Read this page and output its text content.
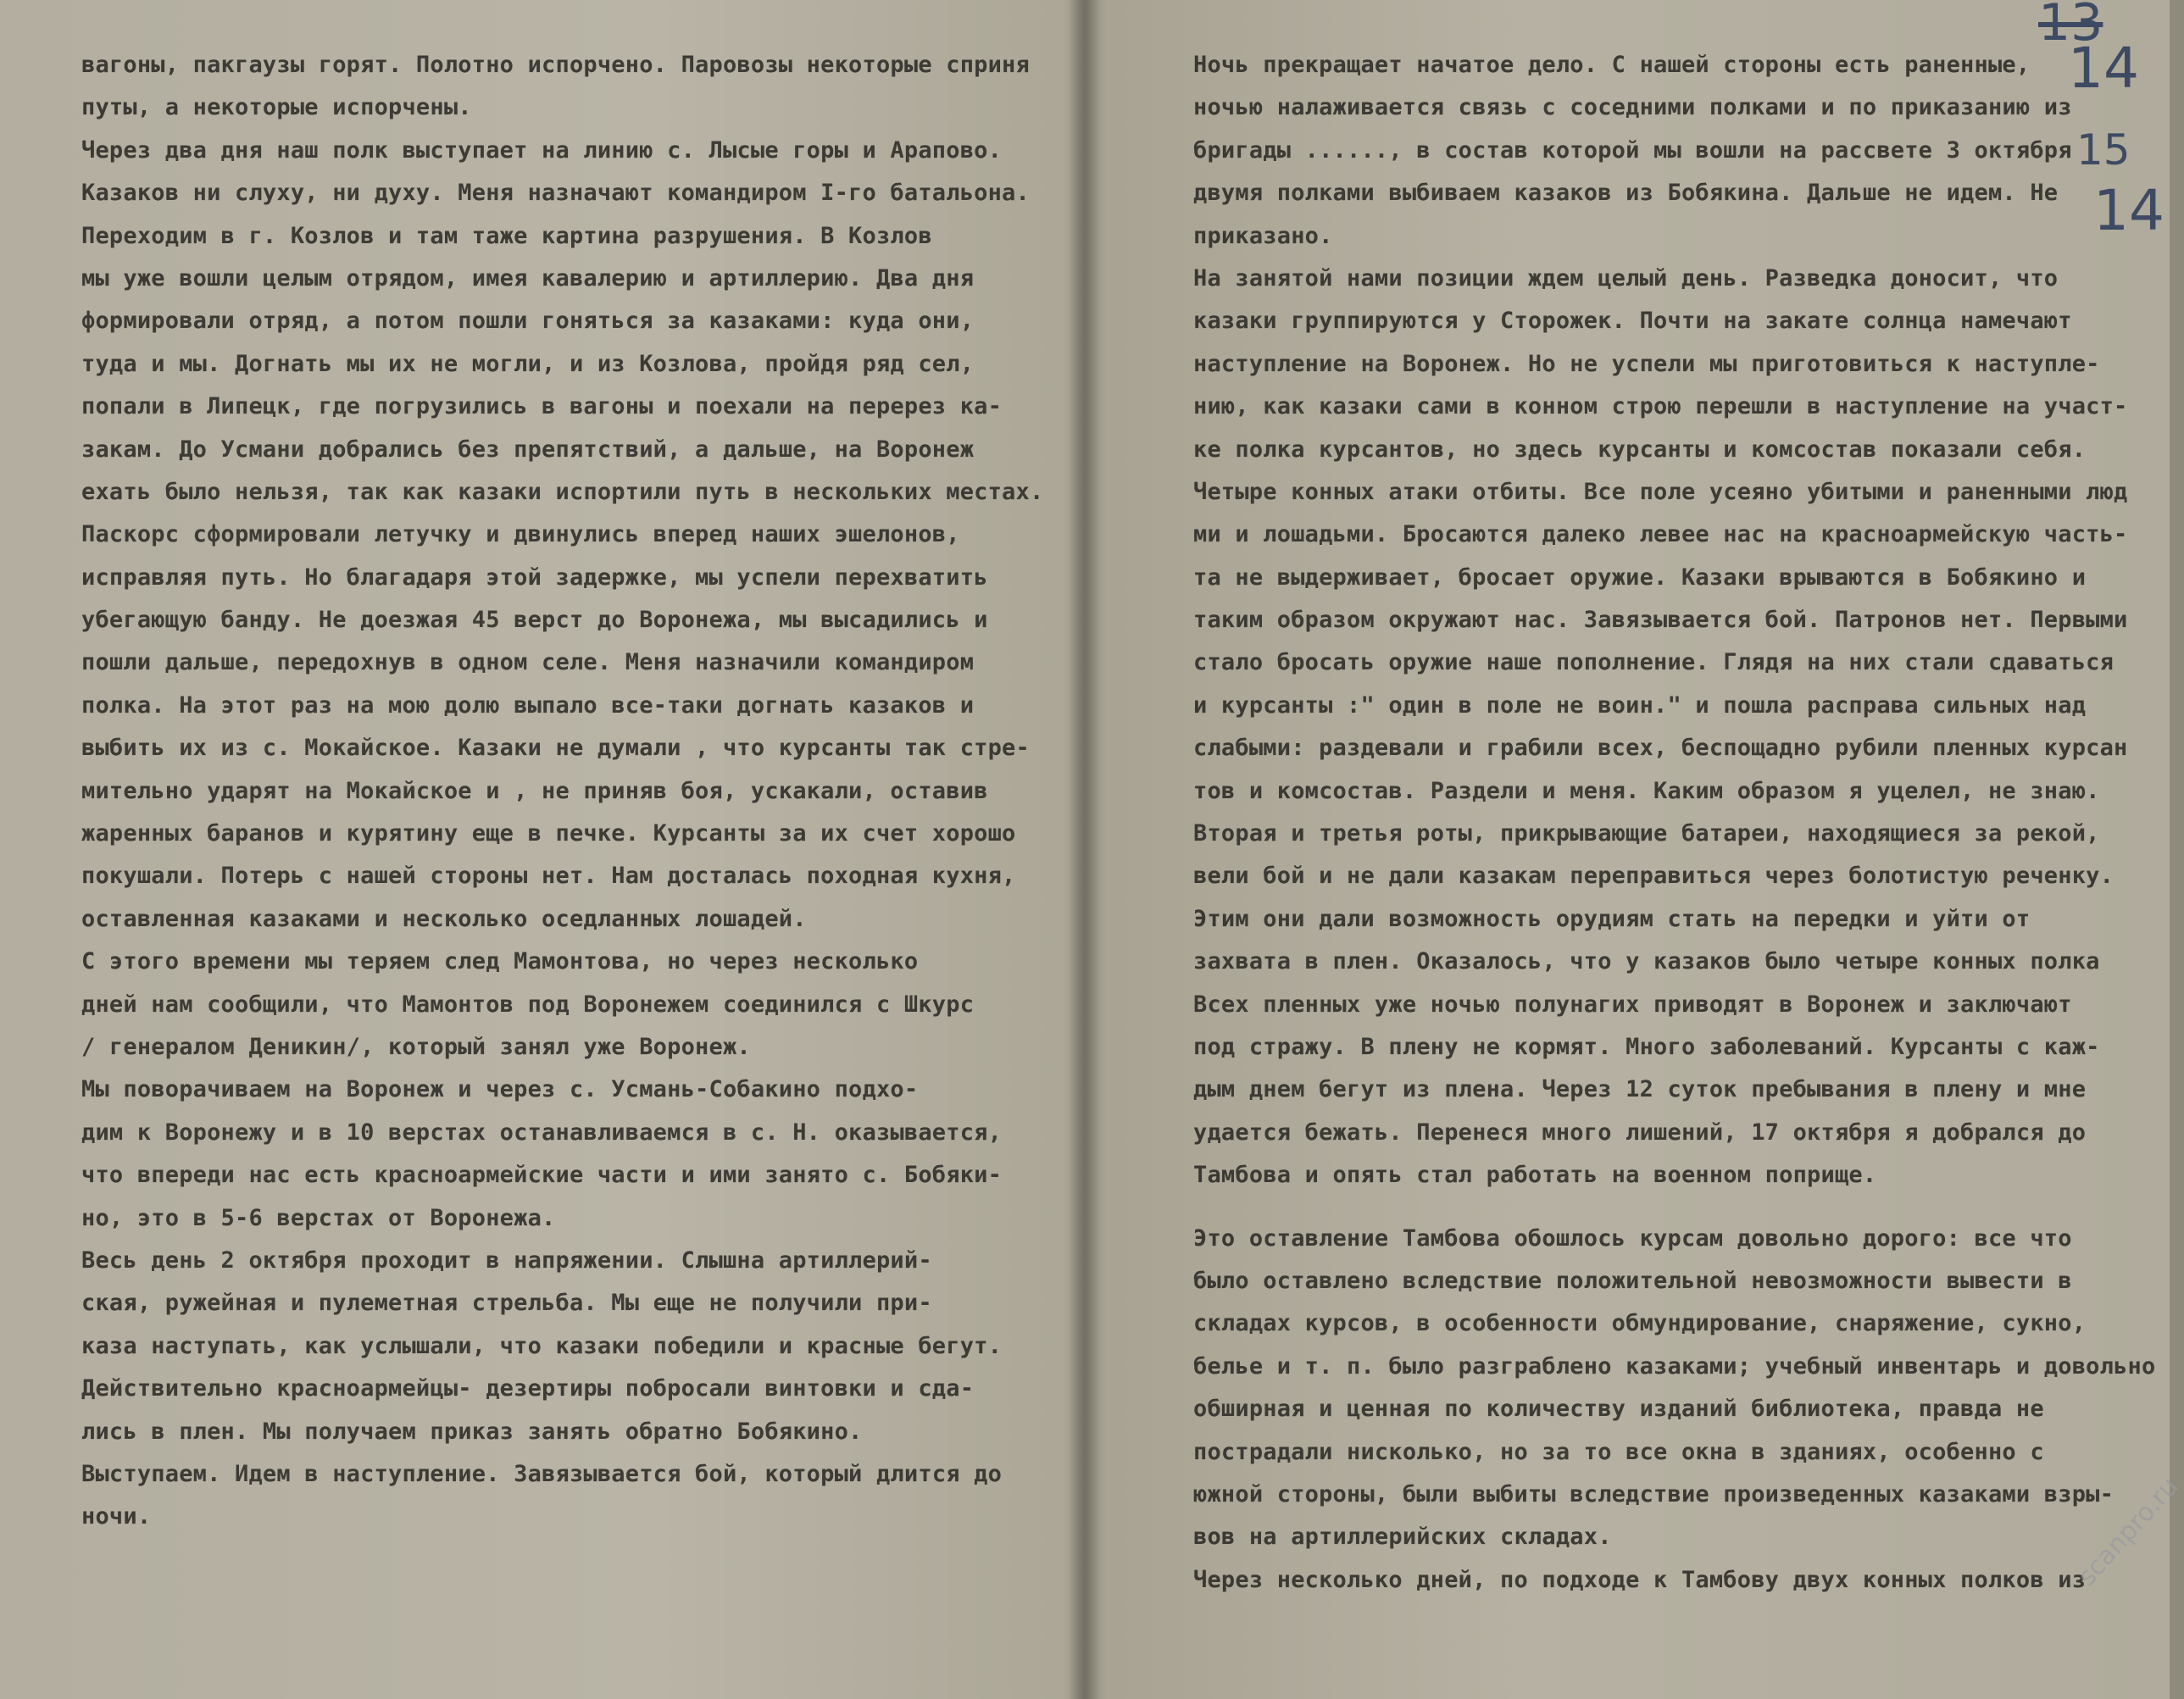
вагоны, пакгаузы горят. Полотно испорчено. Паровозы некоторые сприня
путы, а некоторые испорчены.
Через два дня наш полк выступает на линию с. Лысые горы и Арапово.
Казаков ни слуху, ни духу. Меня назначают командиром I-го батальона.
Переходим в г. Козлов и там таже картина разрушения. В Козлов
мы уже вошли целым отрядом, имея кавалерию и артиллерию. Два дня
формировали отряд, а потом пошли гоняться за казаками: куда они,
туда и мы. Догнать мы их не могли, и из Козлова, пройдя ряд сел,
попали в Липецк, где погрузились в вагоны и поехали на перерез ка-
закам. До Усмани добрались без препятствий, а дальше, на Воронеж
ехать было нельзя, так как казаки испортили путь в нескольких местах.
Паскорс сформировали летучку и двинулись вперед наших эшелонов,
исправляя путь. Но благадаря этой задержке, мы успели перехватить
убегающую банду. Не доезжая 45 верст до Воронежа, мы высадились и
пошли дальше, передохнув в одном селе. Меня назначили командиром
полка. На этот раз на мою долю выпало все-таки догнать казаков и
выбить их из с. Мокайское. Казаки не думали , что курсанты так стре-
мительно ударят на Мокайское и , не приняв боя, ускакали, оставив
жаренных баранов и курятину еще в печке. Курсанты за их счет хорошо
покушали. Потерь с нашей стороны нет. Нам досталась походная кухня,
оставленная казаками и несколько оседланных лошадей.
С этого времени мы теряем след Мамонтова, но через несколько
дней нам сообщили, что Мамонтов под Воронежем соединился с Шкурс
/ генералом Деникин/, который занял уже Воронеж.
Мы поворачиваем на Воронеж и через с. Усмань-Собакино подхо-
дим к Воронежу и в 10 верстах останавливаемся в с. Н. оказывается,
что впереди нас есть красноармейские части и ими занято с. Бобяки-
но, это в 5-6 верстах от Воронежа.
Весь день 2 октября проходит в напряжении. Слышна артиллерий-
ская, ружейная и пулеметная стрельба. Мы еще не получили при-
каза наступать, как услышали, что казаки победили и красные бегут.
Действительно красноармейцы- дезертиры побросали винтовки и сда-
лись в плен. Мы получаем приказ занять обратно Бобякино.
Выступаем. Идем в наступление. Завязывается бой, который длится до
ночи.
Ночь прекращает начатое дело. С нашей стороны есть раненные,
ночью налаживается связь с соседними полками и по приказанию из
бригады ......, в состав которой мы вошли на рассвете 3 октября
двумя полками выбиваем казаков из Бобякина. Дальше не идем. Не
приказано.
На занятой нами позиции ждем целый день. Разведка доносит, что
казаки группируются у Сторожек. Почти на закате солнца намечают
наступление на Воронеж. Но не успели мы приготовиться к наступле-
нию, как казаки сами в конном строю перешли в наступление на участ-
ке полка курсантов, но здесь курсанты и комсостав показали себя.
Четыре конных атаки отбиты. Все поле усеяно убитыми и раненными люд
ми и лошадьми. Бросаются далеко левее нас на красноармейскую часть-
та не выдерживает, бросает оружие. Казаки врываются в Бобякино и
таким образом окружают нас. Завязывается бой. Патронов нет. Первыми
стало бросать оружие наше пополнение. Глядя на них стали сдаваться
и курсанты :" один в поле не воин." и пошла расправа сильных над
слабыми: раздевали и грабили всех, беспощадно рубили пленных курсан
тов и комсостав. Раздели и меня. Каким образом я уцелел, не знаю.
Вторая и третья роты, прикрывающие батареи, находящиеся за рекой,
вели бой и не дали казакам переправиться через болотистую реченку.
Этим они дали возможность орудиям стать на передки и уйти от
захвата в плен. Оказалось, что у казаков было четыре конных полка
Всех пленных уже ночью полунагих приводят в Воронеж и заключают
под стражу. В плену не кормят. Много заболеваний. Курсанты с каж-
дым днем бегут из плена. Через 12 суток пребывания в плену и мне
удается бежать. Перенеся много лишений, 17 октября я добрался до
Тамбова и опять стал работать на военном поприще.
Это оставление Тамбова обошлось курсам довольно дорого: все что
было оставлено вследствие положительной невозможности вывести в
складах курсов, в особенности обмундирование, снаряжение, сукно,
белье и т. п. было разграблено казаками; учебный инвентарь и довольно
обширная и ценная по количеству изданий библиотека, правда не
пострадали нисколько, но за то все окна в зданиях, особенно с
южной стороны, были выбиты вследствие произведенных казаками взры-
вов на артиллерийских складах.
Через несколько дней, по подходе к Тамбову двух конных полков из
13
14
15
14
scanpro.ru
